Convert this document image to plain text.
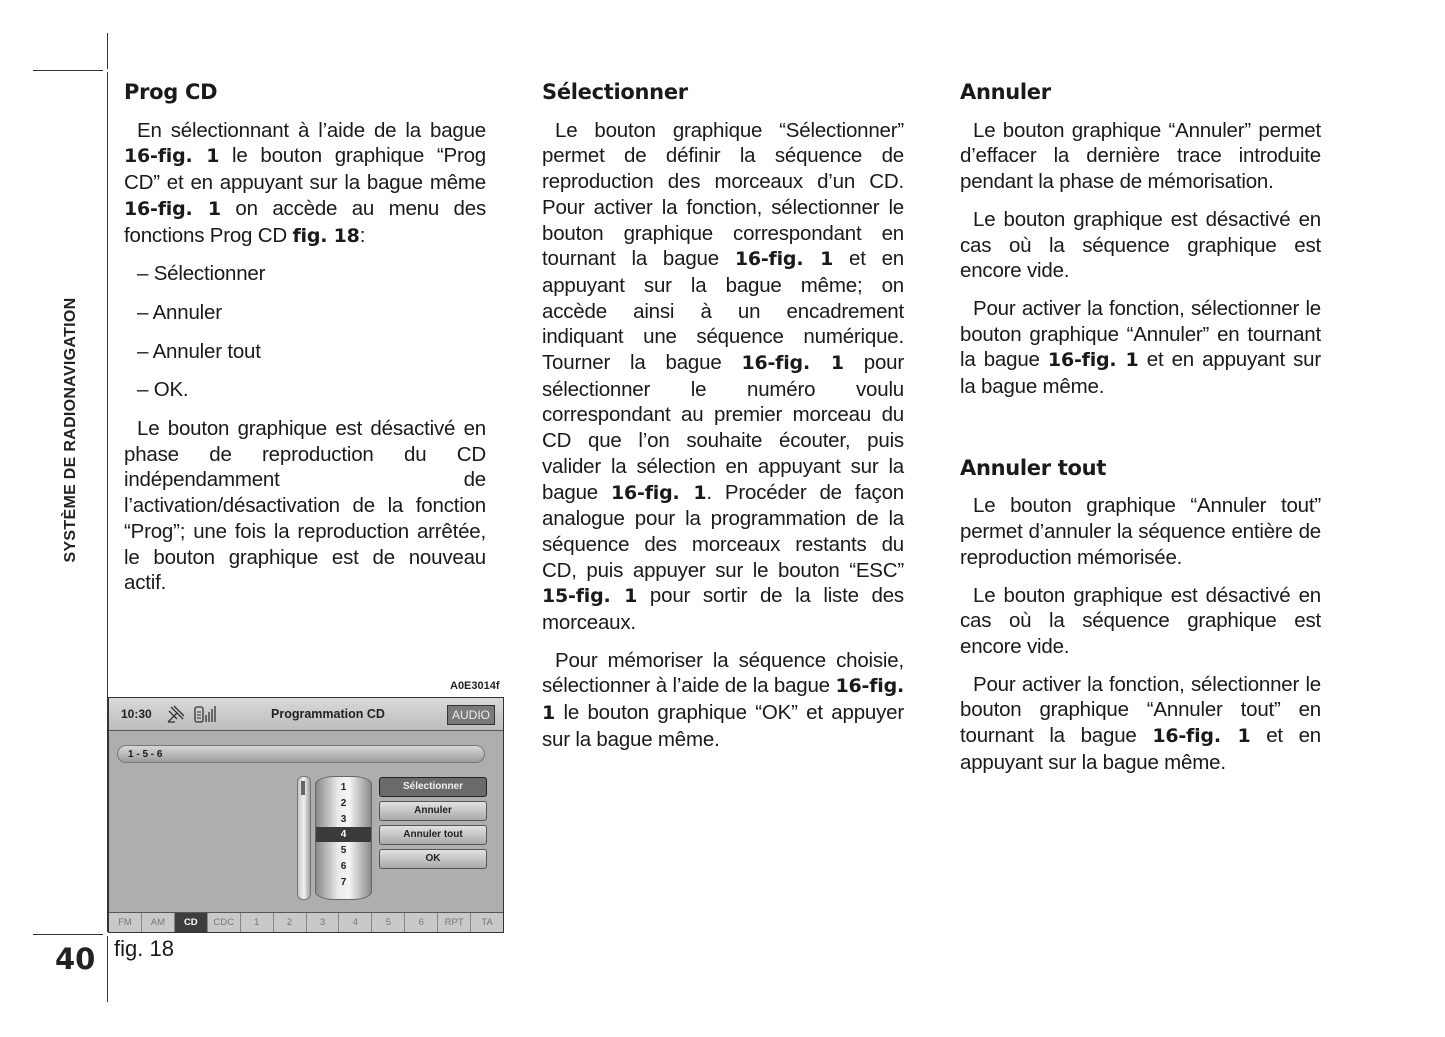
SYSTÈME DE RADIONAVIGATION
40
Prog CD

En sélectionnant à l’aide de la bague 16-fig. 1 le bouton graphique “Prog CD” et en appuyant sur la bague même 16-fig. 1 on accède au menu des fonctions Prog CD fig. 18:

– Sélectionner

– Annuler

– Annuler tout

– OK.

Le bouton graphique est désactivé en phase de reproduction du CD indépendamment de l’activation/désactivation de la fonction “Prog”; une fois la reproduction arrêtée, le bouton graphique est de nouveau actif.

Sélectionner

Le bouton graphique “Sélectionner” permet de définir la séquence de reproduction des morceaux d’un CD. Pour activer la fonction, sélectionner le bouton graphique correspondant en tournant la bague 16-fig. 1 et en appuyant sur la bague même; on accède ainsi à un encadrement indiquant une séquence numérique. Tourner la bague 16-fig. 1 pour sélectionner le numéro voulu correspondant au premier morceau du CD que l’on souhaite écouter, puis valider la sélection en appuyant sur la bague 16-fig. 1. Procéder de façon analogue pour la programmation de la séquence des morceaux restants du CD, puis appuyer sur le bouton “ESC” 15-fig. 1 pour sortir de la liste des morceaux.

Pour mémoriser la séquence choisie, sélectionner à l’aide de la bague 16-fig. 1 le bouton graphique “OK” et appuyer sur la bague même.

Annuler

Le bouton graphique “Annuler” permet d’effacer la dernière trace introduite pendant la phase de mémorisation.

Le bouton graphique est désactivé en cas où la séquence graphique est encore vide.

Pour activer la fonction, sélectionner le bouton graphique “Annuler” en tournant la bague 16-fig. 1 et en appuyant sur la bague même.

Annuler tout

Le bouton graphique “Annuler tout” permet d’annuler la séquence entière de reproduction mémorisée.

Le bouton graphique est désactivé en cas où la séquence graphique est encore vide.

Pour activer la fonction, sélectionner le bouton graphique “Annuler tout” en tournant la bague 16-fig. 1 et en appuyant sur la bague même.

A0E3014f
10:30	Programmation CD	AUDIO
1 - 5 - 6
1
2
3
4
5
6
7
Sélectionner
Annuler
Annuler tout
OK
FM	AM	CD	CDC	1	2	3	4	5	6	RPT	TA
fig. 18
